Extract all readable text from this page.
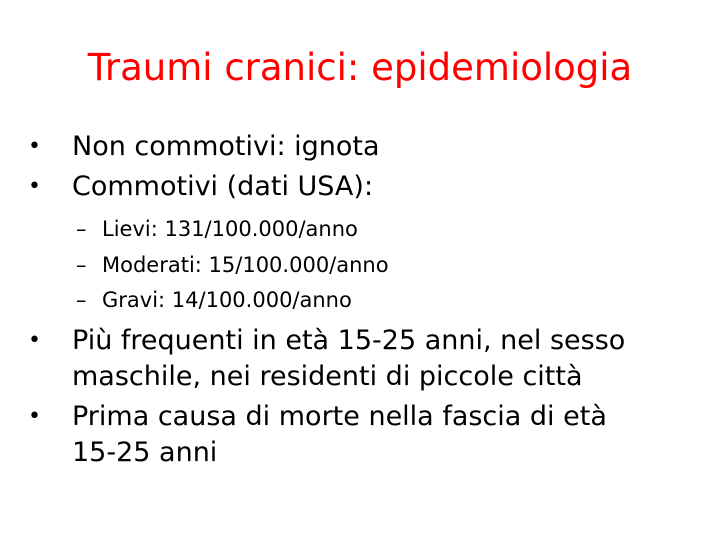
Traumi cranici: epidemiologia
• Non commotivi: ignota
• Commotivi (dati USA):
– Lievi: 131/100.000/anno
– Moderati: 15/100.000/anno
– Gravi: 14/100.000/anno
• Più frequenti in età 15-25 anni, nel sesso
maschile, nei residenti di piccole città
• Prima causa di morte nella fascia di età
15-25 anni
